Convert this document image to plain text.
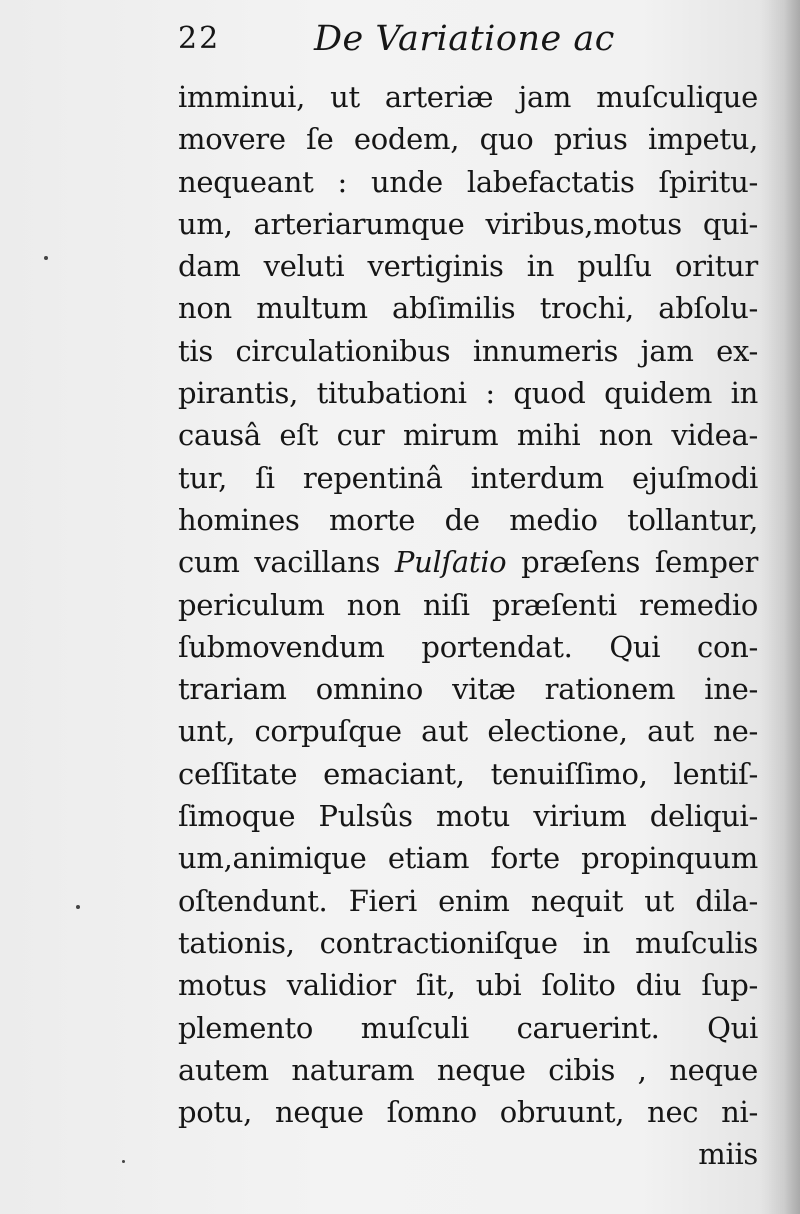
22	De Variatione ac
imminui, ut arteriæ jam muſculique
movere ſe eodem, quo prius impetu,
nequeant : unde labefactatis ſpiritu-
um, arteriarumque viribus,motus qui-
dam veluti vertiginis in pulſu oritur
non multum abſimilis trochi, abſolu-
tis circulationibus innumeris jam ex-
pirantis, titubationi : quod quidem in
causâ eſt cur mirum mihi non videa-
tur, ſi repentinâ interdum ejuſmodi
homines morte de medio tollantur,
cum vacillans Pulſatio præſens ſemper
periculum non niſi præſenti remedio
ſubmovendum portendat. Qui con-
trariam omnino vitæ rationem ine-
unt, corpuſque aut electione, aut ne-
ceſſitate emaciant, tenuiſſimo, lentiſ-
ſimoque Pulsûs motu virium deliqui-
um,animique etiam forte propinquum
oſtendunt. Fieri enim nequit ut dila-
tationis, contractioniſque in muſculis
motus validior ſit, ubi ſolito diu ſup-
plemento muſculi caruerint. Qui
autem naturam neque cibis , neque
potu, neque ſomno obruunt, nec ni-
miis
